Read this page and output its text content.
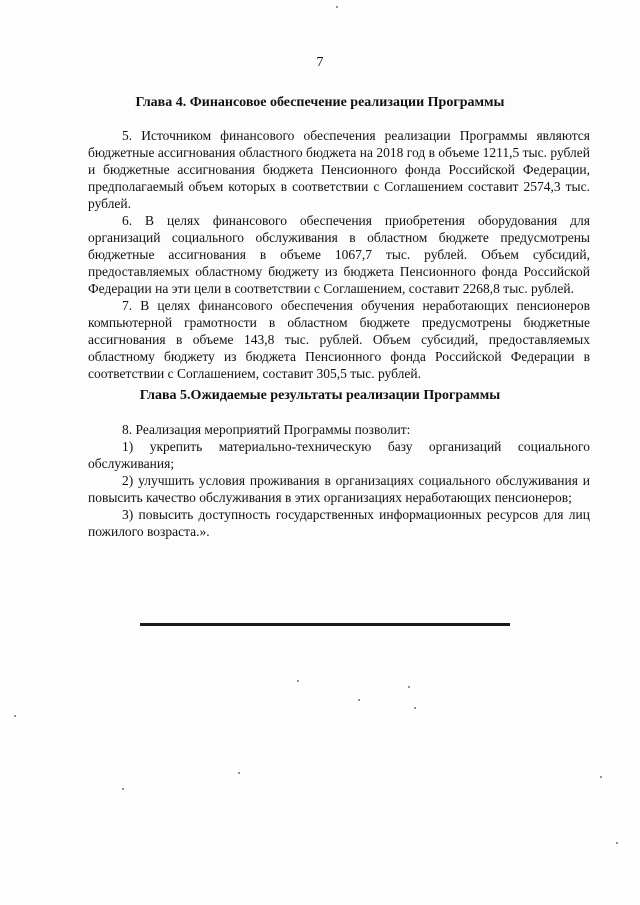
7
Глава 4. Финансовое обеспечение реализации Программы

5. Источником финансового обеспечения реализации Программы являются бюджетные ассигнования областного бюджета на 2018 год в объеме 1211,5 тыс. рублей и бюджетные ассигнования бюджета Пенсионного фонда Российской Федерации, предполагаемый объем которых в соответствии с Соглашением составит 2574,3 тыс. рублей.

6. В целях финансового обеспечения приобретения оборудования для организаций социального обслуживания в областном бюджете предусмотрены бюджетные ассигнования в объеме 1067,7 тыс. рублей. Объем субсидий, предоставляемых областному бюджету из бюджета Пенсионного фонда Российской Федерации на эти цели в соответствии с Соглашением, составит 2268,8 тыс. рублей.

7. В целях финансового обеспечения обучения неработающих пенсионеров компьютерной грамотности в областном бюджете предусмотрены бюджетные ассигнования в объеме 143,8 тыс. рублей. Объем субсидий, предоставляемых областному бюджету из бюджета Пенсионного фонда Российской Федерации в соответствии с Соглашением, составит 305,5 тыс. рублей.

Глава 5.Ожидаемые результаты реализации Программы

8. Реализация мероприятий Программы позволит:

1) укрепить материально-техническую базу организаций социального обслуживания;

2) улучшить условия проживания в организациях социального обслуживания и повысить качество обслуживания в этих организациях неработающих пенсионеров;

3) повысить доступность государственных информационных ресурсов для лиц пожилого возраста.».
